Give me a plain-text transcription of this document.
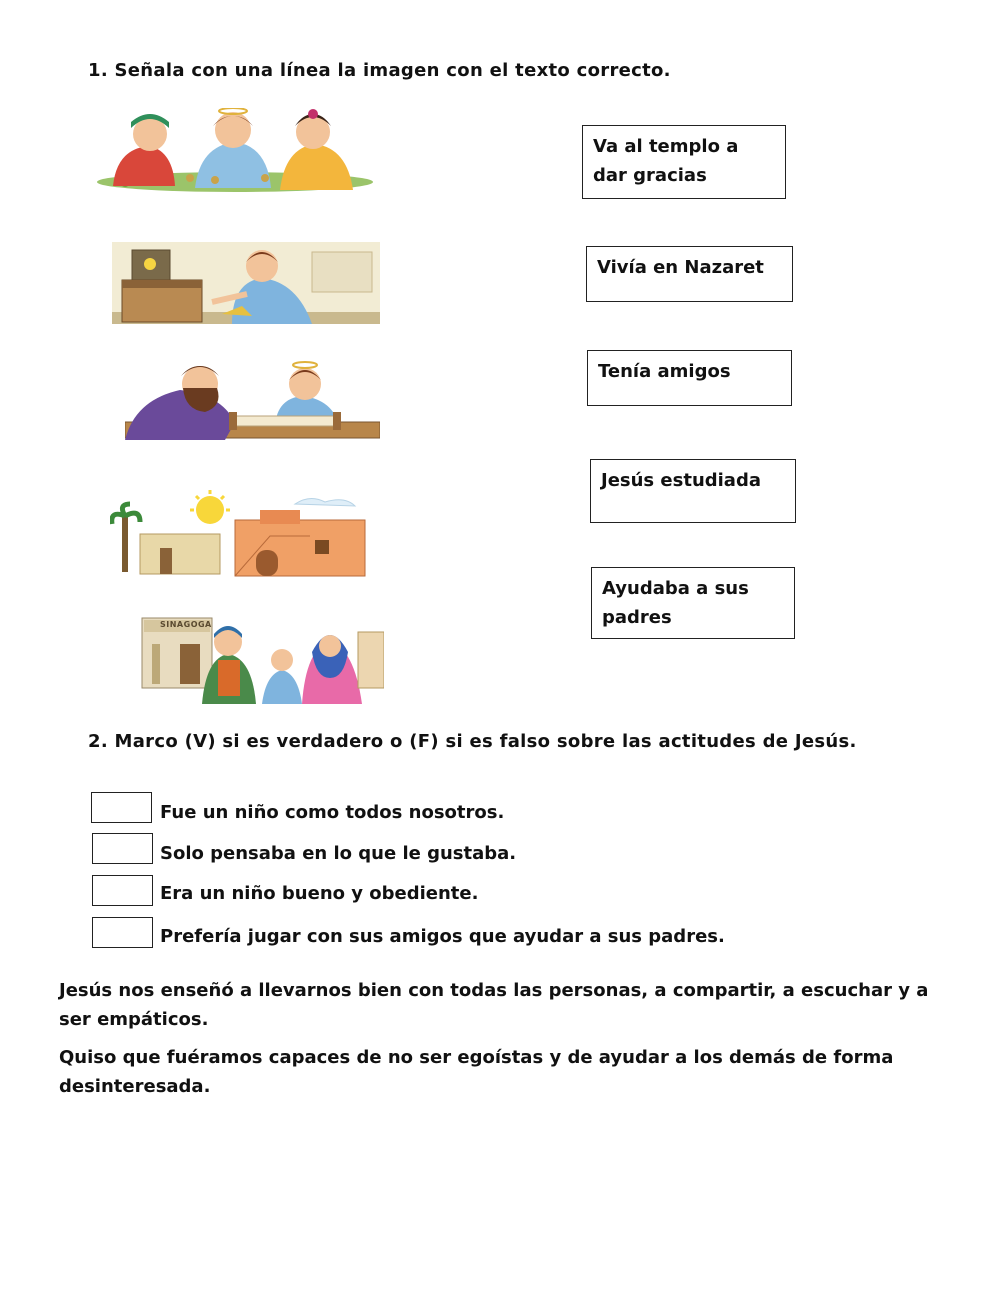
1. Señala con una línea la imagen con el texto correcto.
SINAGOGA
Va al templo a dar gracias
Vivía en Nazaret
Tenía amigos
Jesús estudiada
Ayudaba a sus padres
2. Marco (V) si es verdadero o (F) si es falso sobre las actitudes de Jesús.
Fue un niño como todos nosotros.
Solo pensaba en lo que le gustaba.
Era un niño bueno y obediente.
Prefería jugar con sus amigos que ayudar a sus padres.
Jesús nos enseñó a llevarnos bien con todas las personas, a compartir, a escuchar y a ser empáticos.
Quiso que fuéramos capaces de no ser egoístas y de ayudar a los demás de forma desinteresada.
